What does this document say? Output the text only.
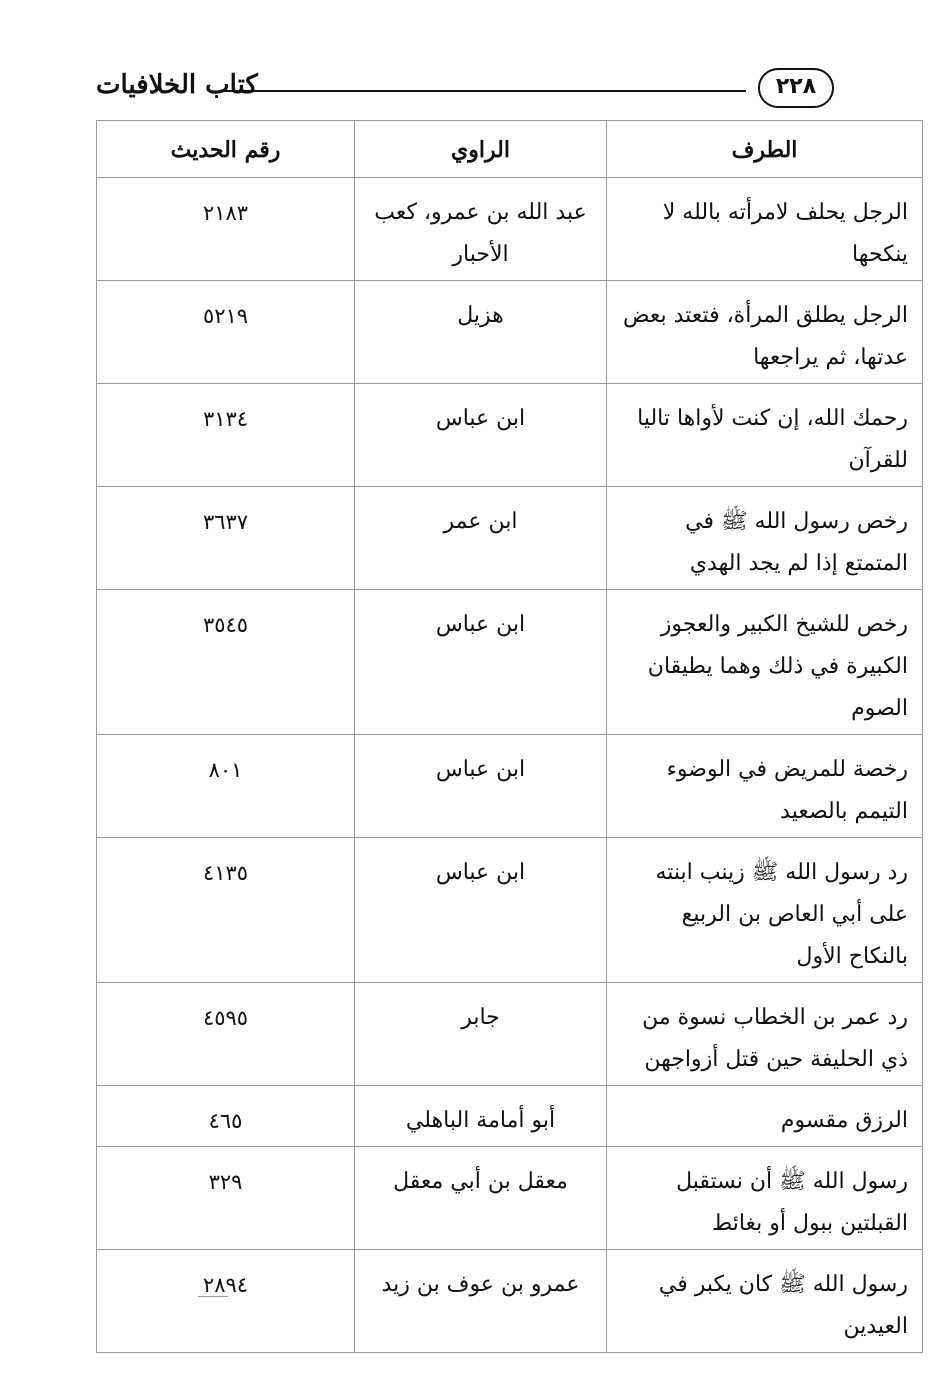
كتاب الخلافيات	٢٢٨
الطرف	الراوي	رقم الحديث
الرجل يحلف لامرأته بالله لا ينكحها	عبد الله بن عمرو، كعب الأحبار	٢١٨٣
الرجل يطلق المرأة، فتعتد بعض عدتها، ثم يراجعها	هزيل	٥٢١٩
رحمك الله، إن كنت لأواها تاليا للقرآن	ابن عباس	٣١٣٤
رخص رسول الله ﷺ في المتمتع إذا لم يجد الهدي	ابن عمر	٣٦٣٧
رخص للشيخ الكبير والعجوز الكبيرة في ذلك وهما يطيقان الصوم	ابن عباس	٣٥٤٥
رخصة للمريض في الوضوء التيمم بالصعيد	ابن عباس	٨٠١
رد رسول الله ﷺ زينب ابنته على أبي العاص بن الربيع بالنكاح الأول	ابن عباس	٤١٣٥
رد عمر بن الخطاب نسوة من ذي الحليفة حين قتل أزواجهن	جابر	٤٥٩٥
الرزق مقسوم	أبو أمامة الباهلي	٤٦٥
رسول الله ﷺ أن نستقبل القبلتين ببول أو بغائط	معقل بن أبي معقل	٣٢٩
رسول الله ﷺ كان يكبر في العيدين	عمرو بن عوف بن زيد	٢٨٩٤
